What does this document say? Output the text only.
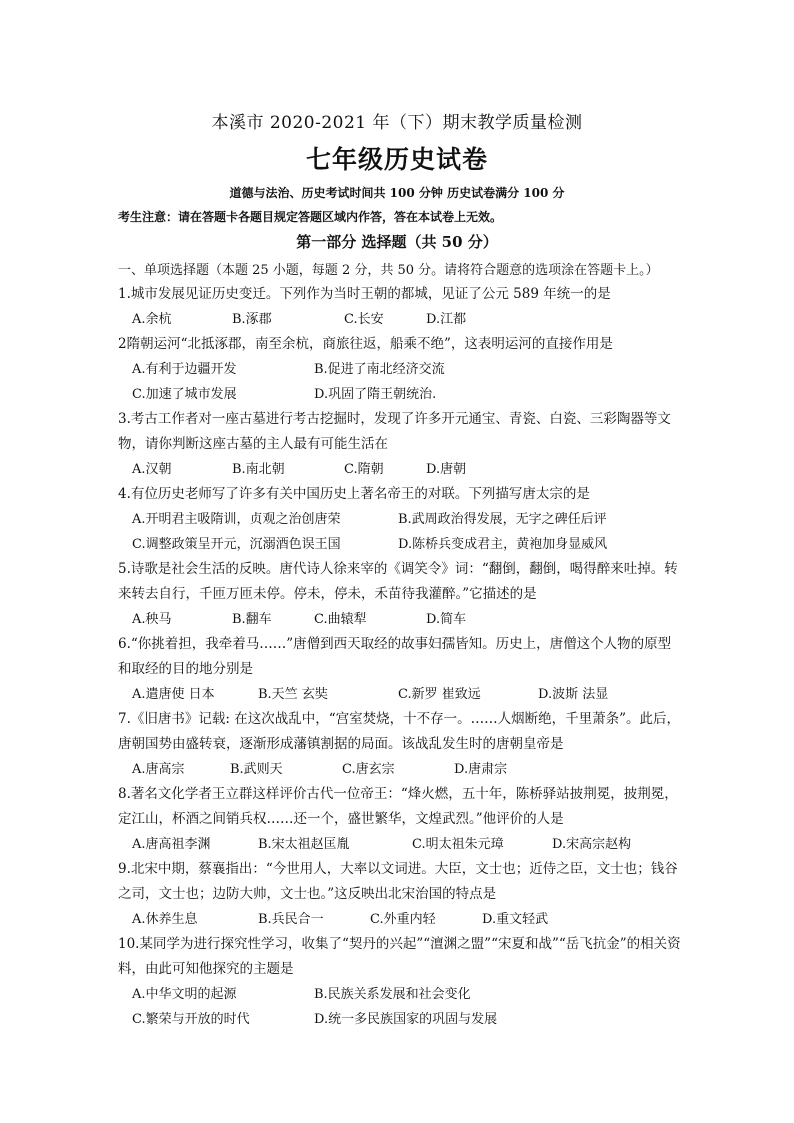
本溪市 2020-2021 年（下）期末教学质量检测
七年级历史试卷
道德与法治、历史考试时间共 100 分钟 历史试卷满分 100 分
考生注意：请在答题卡各题目规定答题区域内作答，答在本试卷上无效。
第一部分 选择题（共 50 分）
一、单项选择题（本题 25 小题，每题 2 分，共 50 分。请将符合题意的选项涂在答题卡上。）
1.城市发展见证历史变迁。下列作为当时王朝的都城，见证了公元 589 年统一的是
A.余杭	B.涿郡	C.长安	D.江都
2隋朝运河“北抵涿郡，南至余杭，商旅往返，船乘不绝”，这表明运河的直接作用是
A.有利于边疆开发	B.促进了南北经济交流
C.加速了城市发展	D.巩固了隋王朝统治.
3.考古工作者对一座古墓进行考古挖掘时，发现了许多开元通宝、青瓷、白瓷、三彩陶器等文物，请你判断这座古墓的主人最有可能生活在
A.汉朝	B.南北朝	C.隋朝	D.唐朝
4.有位历史老师写了许多有关中国历史上著名帝王的对联。下列描写唐太宗的是
A.开明君主吸隋训，贞观之治创唐荣	B.武周政治得发展，无字之碑任后评
C.调整政策呈开元，沉溺酒色误王国	D.陈桥兵变成君主，黄袍加身显威风
5.诗歌是社会生活的反映。唐代诗人徐来宰的《调笑令》词：“翻倒，翻倒，喝得醉来吐掉。转来转去自行，千匝万匝未停。停未，停未，禾苗待我灌醉。”它描述的是
A.秧马	B.翻车	C.曲辕犁	D.简车
6.“你挑着担，我牵着马……”唐僧到西天取经的故事妇孺皆知。历史上，唐僧这个人物的原型和取经的目的地分别是
A.遣唐使 日本	B.天竺 玄奘	C.新罗 崔致远	D.波斯 法显
7.《旧唐书》记载: 在这次战乱中，“宫室焚烧，十不存一。……人烟断绝，千里萧条”。此后，唐朝国势由盛转衰，逐渐形成藩镇割据的局面。该战乱发生时的唐朝皇帝是
A.唐高宗	B.武则天	C.唐玄宗	D.唐肃宗
8.著名文化学者王立群这样评价古代一位帝王：“烽火燃，五十年，陈桥驿站披荆冕，披荆冕，定江山，杯酒之间销兵权……还一个，盛世繁华，文煌武烈。”他评价的人是
A.唐高祖李渊	B.宋太祖赵匡胤	C.明太祖朱元璋	D.宋高宗赵构
9.北宋中期，蔡襄指出：“今世用人，大率以文词进。大臣，文士也；近侍之臣，文士也；钱谷之司，文士也；边防大帅，文士也。”这反映出北宋治国的特点是
A.休养生息	B.兵民合一	C.外重内轻	D.重文轻武
10.某同学为进行探究性学习，收集了“契丹的兴起”“澶渊之盟”“宋夏和战”“岳飞抗金”的相关资料，由此可知他探究的主题是
A.中华文明的起源	B.民族关系发展和社会变化
C.繁荣与开放的时代	D.统一多民族国家的巩固与发展
